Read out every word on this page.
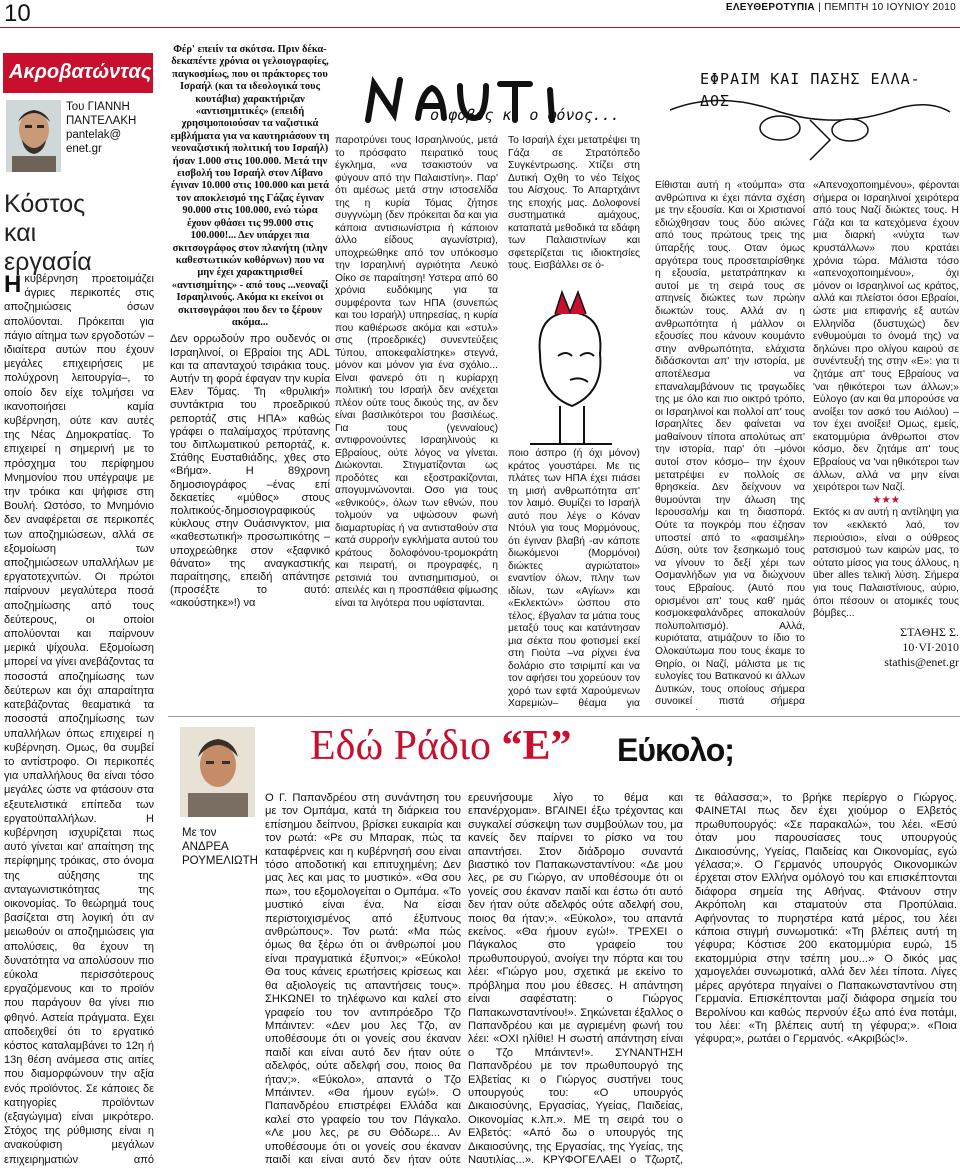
10	ΕΛΕΥΘΕΡΟΤΥΠΙΑ | ΠΕΜΠΤΗ 10 ΙΟΥΝΙΟΥ 2010
Ακροβατώντας
Του ΓΙΑΝΝΗ
ΠΑΝΤΕΛΑΚΗ
pantelak@
enet.gr
Κόστος
και
εργασία
Ηκυβέρνηση προετοιμάζει άγριες περικοπές στις αποζημιώσεις όσων απολύονται. Πρόκειται για πάγιο αίτημα των εργοδοτών –ιδιαίτερα αυτών που έχουν μεγάλες επιχειρήσεις με πολύχρονη λειτουργία–, το οποίο δεν είχε τολμήσει να ικανοποιήσει καμία κυβέρνηση, ούτε καν αυτές της Νέας Δημοκρατίας. Το επιχειρεί η σημερινή με το πρόσχημα του περίφημου Μνημονίου που υπέγραψε με την τρόικα και ψήφισε στη Βουλή. Ωστόσο, το Μνημόνιο δεν αναφέρεται σε περικοπές των αποζημιώσεων, αλλά σε εξομοίωση των αποζημιώσεων υπαλλήλων με εργατοτεχνιτών. Οι πρώτοι παίρνουν μεγαλύτερα ποσά αποζημίωσης από τους δεύτερους, οι οποίοι απολύονται και παίρνουν μερικά ψίχουλα. Εξομοίωση μπορεί να γίνει ανεβάζοντας τα ποσοστά αποζημίωσης των δεύτερων και όχι απαραίτητα κατεβάζοντας θεαματικά τα ποσοστά αποζημίωσης των υπαλλήλων όπως επιχειρεί η κυβέρνηση. Ομως, θα συμβεί το αντίστροφο. Οι περικοπές για υπαλλήλους θα είναι τόσο μεγάλες ώστε να φτάσουν στα εξευτελιστικά επίπεδα των εργατοϋπαλλήλων. Η κυβέρνηση ισχυρίζεται πως αυτό γίνεται και' απαίτηση της περίφημης τρόικας, στο όνομα της αύξησης της ανταγωνιστικότητας της οικονομίας. Το θεώρημά τους βασίζεται στη λογική ότι αν μειωθούν οι αποζημιώσεις για απολύσεις, θα έχουν τη δυνατότητα να απολύσουν πιο εύκολα περισσότερους εργαζόμενους και το προϊόν που παράγουν θα γίνει πιο φθηνό. Αστεία πράγματα. Εχει αποδειχθεί ότι το εργατικό κόστος καταλαμβάνει το 12η ή 13η θέση ανάμεσα στις αιτίες που διαμορφώνουν την αξία ενός προϊόντος. Σε κάποιες δε κατηγορίες προϊόντων (εξαγώγιμα) είναι μικρότερο. Στόχος της ρύθμισης είναι η ανακούφιση μεγάλων επιχειρηματιών από
Φέρ' επειίν τα σκότσα. Πριν δέκα-δεκαπέντε χρόνια οι γελοιογραφίες, παγκοσμίως, που οι πράκτορες του Ισραήλ (και τα ιδεολογικά τους κουτάβια) χαρακτήριζαν «αντισημιτικές» (επειδή χρησιμοποιούσαν τα ναζιστικά εμβλήματα για να καυτηριάσουν τη νεοναζιστική πολιτική του Ισραήλ) ήσαν 1.000 στις 100.000. Μετά την εισβολή του Ισραήλ στον Λίβανο έγιναν 10.000 στις 100.000 και μετά τον αποκλεισμό της Γάζας έγιναν 90.000 στις 100.000, ενώ τώρα έχουν φθάσει τις 99.000 στις 100.000!... Δεν υπάρχει πια σκιτσογράφος στον πλανήτη (πλην καθεστωτικών κοθόρνων) που να μην έχει χαρακτηρισθεί «αντισημίτης» - από τους ...νεοναζί Ισραηλινούς. Ακόμα κι εκείνοι οι σκιτσογράφοι που δεν το ξέρουν ακόμα...
Δεν ορρωδούν προ ουδενός οι Ισραηλινοί, οι Εβραίοι της ADL και τα απανταχού τσιράκια τους. Αυτήν τη φορά έφαγαν την κυρία Ελεν Τόμας. Τη «θρυλική» συντάκτρια του προεδρικού ρεπορτάζ στις ΗΠΑ» καθώς γράφει ο παλαίμαχος πρύτανης του διπλωματικού ρεπορτάζ, κ. Στάθης Ευσταθιάδης, χθες στο «Βήμα». Η 89χρονη δημοσιογράφος –ένας επί δεκαετίες «μύθος» στους πολιτικούς-δημοσιογραφικούς κύκλους στην Ουάσινγκτον, μια «καθεστωτική» προσωπικότης – υποχρεώθηκε στον «ξαφνικό θάνατο» της αναγκαστικής παραίτησης, επειδή απάντησε (προσέξτε το αυτό: «ακούστηκε»!) να
ο φόβος κι ο φόνος...
παροτρύνει τους Ισραηλινούς, μετά το πρόσφατο πειρατικό τους έγκλημα, «να τσακιστούν να φύγουν από την Παλαιστίνη». Παρ' ότι αμέσως μετά στην ιστοσελίδα της η κυρία Τόμας ζήτησε συγγνώμη (δεν πρόκειται δα και για κάποια αντισιωνίστρια ή κάποιον άλλο είδους αγωνίστρια), υποχρεώθηκε από τον υπόκοσμο την Ισραηλινή αγριότητα Λευκό Οίκο σε παραίτηση! Υστερα από 60 χρόνια ευδόκιμης για τα συμφέροντα των ΗΠΑ (συνεπώς και του Ισραήλ) υπηρεσίας, η κυρία που καθιέρωσε ακόμα και «στυλ» στις (προεδρικές) συνεντεύξεις Τύπου, αποκεφαλίστηκε» στεγνά, μόνον και μόνον για ένα σχόλιο... Είναι φανερό ότι η κυρίαρχη πολιτική του Ισραήλ δεν ανέχεται πλέον ούτε τους δικούς της, αν δεν είναι βασιλικότεροι του βασιλέως. Για τους (γενναίους) αντιφρονούντες Ισραηλινούς κι Εβραίους, ούτε λόγος να γίνεται. Διώκονται. Στιγματίζονται ως προδότες και εξοστρακίζονται, απογυμνώνονται. Οσο για τους «εθνικούς», όλων των εθνών, που τολμούν να υψώσουν φωνή διαμαρτυρίας ή να αντισταθούν στα κατά συρροήν εγκλήματα αυτού του κράτους δολοφόνου-τρομοκράτη και πειρατή, οι προγραφές, η ρετσινιά του αντισημιτισμού, οι απειλές και η προσπάθεια φίμωσης είναι τα λιγότερα που υφίστανται.
Το Ισραήλ έχει μετατρέψει τη Γάζα σε Στρατόπεδο Συγκέντρωσης. Χτίζει στη Δυτική Οχθη το νέο Τείχος του Αίσχους. Το Απαρτχάιντ της εποχής μας. Δολοφονεί συστηματικά αμάχους, καταπατά μεθοδικά τα εδάφη των Παλαιστινίων και σφετερίζεται τις ιδιοκτησίες τους. Εισβάλλει σε ό-
ποιο άσπρο (ή όχι μόνον) κράτος γουστάρει. Με τις πλάτες των ΗΠΑ έχει πιάσει τη μισή ανθρωπότητα απ' τον λαιμό. Θυμίζει το Ισραήλ αυτό που λέγε ο Κόναν Ντόυλ για τους Μορμόνους, ότι έγιναν βλαβή -αν κάποτε διωκόμενοι (Μορμόνοι) διώκτες αγριώτατοι» εναντίον όλων, πλην των ιδίων, των «Αγίων» και «Εκλεκτών» ώσπου στο τέλος, έβγαλαν τα μάτια τους μεταξύ τους και κατάντησαν μια σέκτα που φοτισμεί εκεί στη Γιούτα –να ρίχνει ένα δολάριο στο τσιριμπί και να τον αφήσει του χορεύουν τον χορό των εφτά Χαρούμενων Χαρεμιών– θέαμα για
ΕΦΡΑΙΜ ΚΑΙ ΠΑΣΗΣ ΕΛΛΑ-ΔΟΣ
Είθισται αυτή η «τούμπα» στα ανθρώπινα κι έχει πάντα σχέση με την εξουσία. Και οι Χριστιανοί εδιώχθησαν τους δύο αιώνες από τους πρώτους τρεις της ύπαρξής τους. Οταν όμως αργότερα τους προσεταιρίσθηκε η εξουσία, μετατράπηκαν κι αυτοί με τη σειρά τους σε απηνείς διώκτες των πρώην διωκτών τους. Αλλά αν η ανθρωπότητα ή μάλλον οι εξουσίες που κάνουν κουμάντο στην ανθρωπότητα, ελάχιστα διδάσκονται απ' την ιστορία, με αποτέλεσμα να επαναλαμβάνουν τις τραγωδίες της με όλο και πιο οικτρό τρόπο, οι Ισραηλινοί και πολλοί απ' τους Ισραηλίτες δεν φαίνεται να μαθαίνουν τίποτα απολύτως απ' την ιστορία, παρ' ότι –μόνοι αυτοί στον κόσμο– την έχουν μετατρέψει εν πολλοίς σε θρησκεία. Δεν δείχνουν να θυμούνται την άλωση της Ιερουσαλήμ και τη διασπορά. Ούτε τα πογκρόμ που έζησαν υποστεί από το «φασιμέλη» Δύση, ούτε τον ξεσηκωμό τους να γίνουν το δεξί χέρι των Οσμανλήδων για να διώχνουν τους Εβραίους. (Αυτό που ορισμένοι απ' τους καθ' ημάς κοσμοκεφαλάνδρες αποκαλούν πολυπολιτισμό). Αλλά, κυριότατα, ατιμάζουν το ίδιο το Ολοκαύτωμα που τους έκαμε το Θηρίο, οι Ναζί, μάλιστα με τις ευλογίες του Βατικανού κι άλλων Δυτικών, τους οποίους σήμερα συνοικεί πιστά σήμερα
«Απενοχοποιημένου», φέρονται σήμερα οι Ισραηλινοί χειρότερα από τους Ναζί διώκτες τους. Η Γάζα και τα κατεχόμενα έχουν μια διαρκή «νύχτα των κρυστάλλων» που κρατάει χρόνια τώρα. Μάλιστα τόσο «απενοχοποιημένου», όχι μόνον οι Ισραηλινοί ως κράτος, αλλά και πλείστοι όσοι Εβραίοι, ώστε μια επιφανής εξ αυτών Ελληνίδα (δυστυχώς) δεν ενθυμούμαι το όνομά της) να δηλώνει προ ολίγου καιρού σε συνέντευξή της στην «Ε»: για τι ζητάμε απ' τους Εβραίους να 'ναι ηθικότεροι των άλλων;» Εύλογο (αν και θα μπορούσε να ανοίξει τον ασκό του Αιόλου) – τον έχει ανοίξει! Ομως, εμείς, εκατομμύρια άνθρωποι στον κόσμο, δεν ζητάμε απ' τους Εβραίους να 'ναι ηθικότεροι των άλλων, αλλά να μην είναι χειρότεροι των Ναζί.
★★★
Εκτός κι αν αυτή η αντίληψη για τον «εκλεκτό λαό, τον περιούσιο», είναι ο ούθρεος ρατσισμού των καιρών μας, το ούτατο μίσος για τους άλλους, η über alles τελική λύση. Σήμερα για τους Παλαιστίνιους, αύριο, όποι πέσουν οι ατομικές τους βόμβες...
ΣΤΑΘΗΣ Σ.
10·VI·2010
stathis@enet.gr
Εδώ Ράδιο “Ε” Εύκολο;
Με τον
ΑΝΔΡΕΑ
ΡΟΥΜΕΛΙΩΤΗ
Ο Γ. Παπανδρέου στη συνάντηση του με τον Ομπάμα, κατά τη διάρκεια του επίσημου δείπνου, βρίσκει ευκαιρία και τον ρωτά: «Ρε συ Μπαρακ, πώς τα καταφέρνεις και η κυβέρνησή σου είναι τόσο αποδοτική και επιτυχημένη; Δεν μας λες και μας το μυστικό». «Θα σου πω», του εξομολογείται ο Ομπάμα. «Το μυστικό είναι ένα. Να είσαι περιστοιχισμένος από έξυπνους ανθρώπους». Τον ρωτά: «Μα πώς όμως θα ξέρω ότι οι άνθρωποί μου είναι πραγματικά έξυπνοι;» «Εύκολο! Θα τους κάνεις ερωτήσεις κρίσεως και θα αξιολογείς τις απαντήσεις τους». ΣΗΚΩΝΕΙ το τηλέφωνο και καλεί στο γραφείο του τον αντιπρόεδρο Τζο Μπάιντεν: «Δεν μου λες Τζο, αν υποθέσουμε ότι οι γονείς σου έκαναν παιδί και είναι αυτό δεν ήταν ούτε αδελφός, ούτε αδελφή σου, ποιος θα ήταν;». «Εύκολο», απαντά ο Τζο Μπάιντεν. «Θα ήμουν εγώ!». Ο Παπανδρέου επιστρέφει Ελλάδα και καλεί στο γραφείο του τον Πάγκαλο. «Λε μου λες, ρε συ Θόδωρε... Αν υποθέσουμε ότι οι γονείς σου έκαναν παιδί και είναι αυτό δεν ήταν ούτε
ερευνήσουμε λίγο το θέμα και επανέρχομαι». ΒΓΑΙΝΕΙ έξω τρέχοντας και συγκαλεί σύσκεψη των συμβούλων του, μα κανείς δεν παίρνει το ρίσκο να του απαντήσει. Στον διάδρομο συναντά βιαστικό τον Παπακωνσταντίνου: «Δε μου λες, ρε συ Γιώργο, αν υποθέσουμε ότι οι γονείς σου έκαναν παιδί και έστω ότι αυτό δεν ήταν ούτε αδελφός ούτε αδελφή σου, ποιος θα ήταν;». «Εύκολο», του απαντά εκείνος. «Θα ήμουν εγώ!». ΤΡΕΧΕΙ ο Πάγκαλος στο γραφείο του πρωθυπουργού, ανοίγει την πόρτα και του λέει: «Γιώργο μου, σχετικά με εκείνο το πρόβλημα που μου έθεσες. Η απάντηση είναι σαφέστατη: ο Γιώργος Παπακωνσταντίνου!». Σηκώνεται έξαλλος ο Παπανδρέου και με αγριεμένη φωνή του λέει: «ΟΧΙ ηλίθιε! Η σωστή απάντηση είναι ο Τζο Μπάιντεν!». ΣΥΝΑΝΤΗΣΗ Παπανδρέου με τον πρωθυπουργό της Ελβετίας κι ο Γιώργος συστήνει τους υπουργούς του: «Ο υπουργός Δικαιοσύνης, Εργασίας, Υγείας, Παιδείας, Οικονομίας κ.λπ.». ΜΕ τη σειρά του ο Ελβετός: «Από δω ο υπουργός της Δικαιοσύνης, της Εργασίας, της Υγείας, της Ναυτιλίας...». ΚΡΥΦΟΓΕΛΑΕΙ ο Τζωρτζ,
τε θάλασσα;», το βρήκε περίεργο ο Γιώργος. ΦΑΙΝΕΤΑΙ πως δεν έχει χιούμορ ο Ελβετός πρωθυπουργός: «Σε παρακαλώ», του λέει. «Εσύ όταν μου παρουσίασες τους υπουργούς Δικαιοσύνης, Υγείας, Παιδείας και Οικονομίας, εγώ γέλασα;». Ο Γερμανός υπουργός Οικονομικών έρχεται στον Ελλήνα ομόλογό του και επισκέπτονται διάφορα σημεία της Αθήνας. Φτάνουν στην Ακρόπολη και σταματούν στα Προπύλαια. Αφήνοντας το πυρηστέρα κατά μέρος, του λέει κάποια στιγμή συνωμοτικά: «Τη βλέπεις αυτή τη γέφυρα; Κόστισε 200 εκατομμύρια ευρώ, 15 εκατομμύρια στην τσέπη μου...» Ο δικός μας χαμογελάει συνωμοτικά, αλλά δεν λέει τίποτα. Λίγες μέρες αργότερα πηγαίνει ο Παπακωνσταντίνου στη Γερμανία. Επισκέπτονται μαζί διάφορα σημεία του Βερολίνου και καθώς περνούν έξω από ένα ποτάμι, του λέει: «Τη βλέπεις αυτή τη γέφυρα;». «Ποια γέφυρα;», ρωτάει ο Γερμανός. «Ακριβώς!».
